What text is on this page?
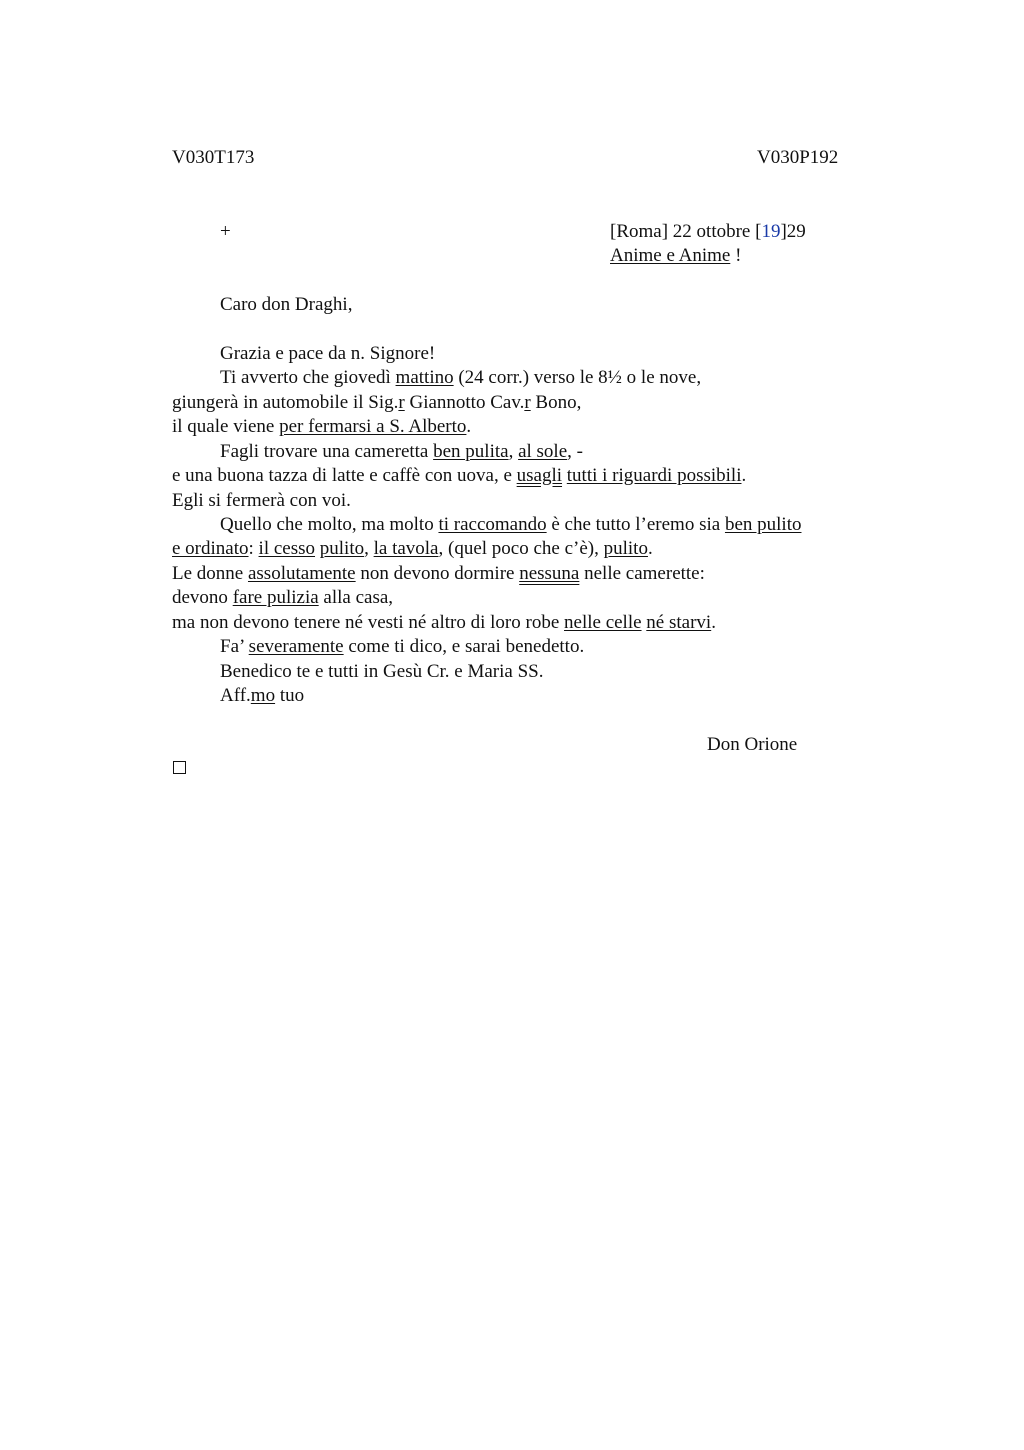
V030T173	V030P192
+	[Roma] 22 ottobre [19]29
Anime e Anime !
Caro don Draghi,
Grazia e pace da n. Signore!
Ti avverto che giovedì mattino (24 corr.) verso le 8½ o le nove,
giungerà in automobile il Sig.r Giannotto Cav.r Bono,
il quale viene per fermarsi a S. Alberto.
Fagli trovare una cameretta ben pulita, al sole, -
e una buona tazza di latte e caffè con uova, e usagli tutti i riguardi possibili.
Egli si fermerà con voi.
Quello che molto, ma molto ti raccomando è che tutto l’eremo sia ben pulito
e ordinato: il cesso pulito, la tavola, (quel poco che c’è), pulito.
Le donne assolutamente non devono dormire nessuna nelle camerette:
devono fare pulizia alla casa,
ma non devono tenere né vesti né altro di loro robe nelle celle né starvi.
Fa’ severamente come ti dico, e sarai benedetto.
Benedico te e tutti in Gesù Cr. e Maria SS.
Aff.mo tuo
Don Orione
